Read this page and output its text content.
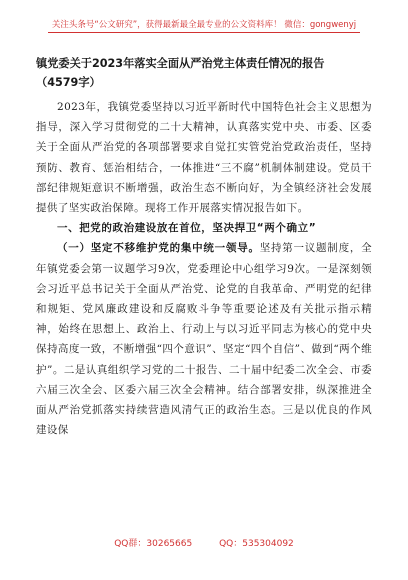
关注头条号“公文研究”，获得最新最全最专业的公文资料库！ 微信：gongwenyj
镇党委关于2023年落实全面从严治党主体责任情况的报告
（4579字）

2023年，我镇党委坚持以习近平新时代中国特色社会主义思想为指导，深入学习贯彻党的二十大精神，认真落实党中央、市委、区委关于全面从严治党的各项部署要求自觉扛实管党治党政治责任，坚持预防、教育、惩治相结合，一体推进“三不腐”机制体制建设。党员干部纪律规矩意识不断增强，政治生态不断向好，为全镇经济社会发展提供了坚实政治保障。现将工作开展落实情况报告如下。

一、把党的政治建设放在首位，坚决捍卫“两个确立”

（一）坚定不移维护党的集中统一领导。坚持第一议题制度，全年镇党委会第一议题学习9次，党委理论中心组学习9次。一是深刻领会习近平总书记关于全面从严治党、论党的自我革命、严明党的纪律和规矩、党风廉政建设和反腐败斗争等重要论述及有关批示指示精神，始终在思想上、政治上、行动上与以习近平同志为核心的党中央保持高度一致，不断增强“四个意识”、坚定“四个自信”、做到“两个维护”。二是认真组织学习党的二十报告、二十届中纪委二次全会、市委六届三次全会、区委六届三次全会精神。结合部署安排，纵深推进全面从严治党抓落实持续营造风清气正的政治生态。三是以优良的作风建设保

QQ群：30265665	QQ：535304092
